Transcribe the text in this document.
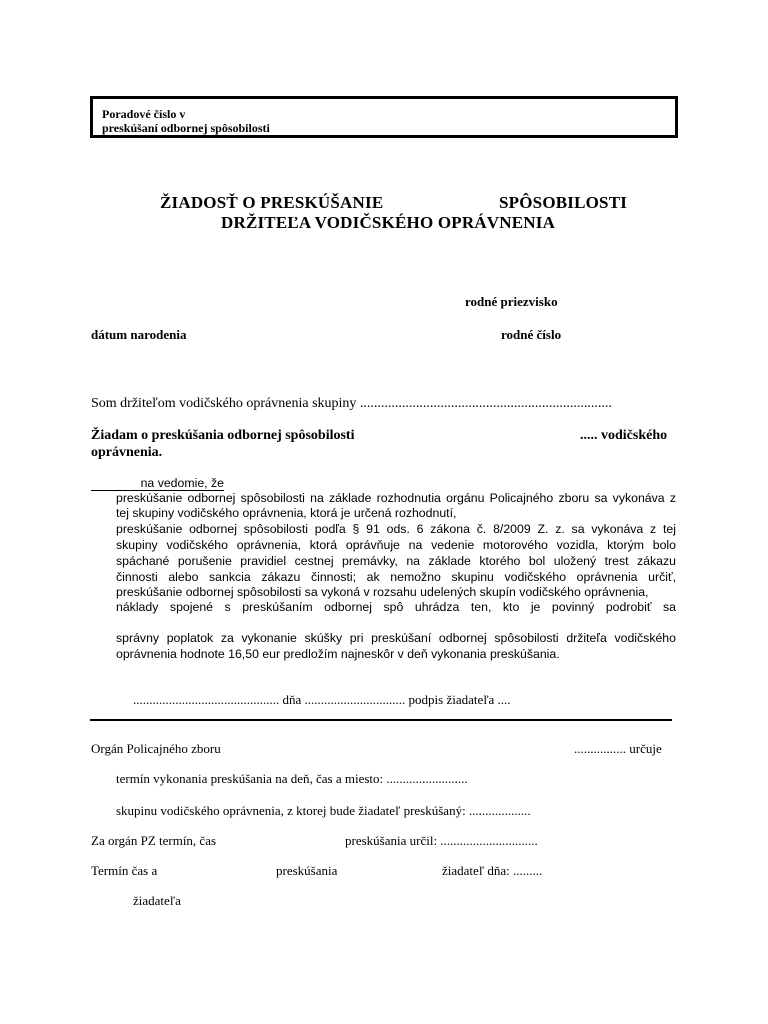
Poradové číslo v
preskúšaní odbornej spôsobilosti
ŽIADOSŤ O PRESKÚŠANIE	SPÔSOBILOSTI
DRŽITEĽA VODIČSKÉHO OPRÁVNENIA
rodné priezvisko
dátum narodenia	rodné číslo
Som držiteľom vodičského oprávnenia skupiny ........................................................................
Žiadam o preskúšania odbornej spôsobilosti	..... vodičského
oprávnenia.
na vedomie, že
preskúšanie odbornej spôsobilosti na základe rozhodnutia orgánu Policajného zboru sa vykonáva z
tej skupiny vodičského oprávnenia, ktorá je určená rozhodnutí,
preskúšanie odbornej spôsobilosti podľa § 91 ods. 6 zákona č. 8/2009 Z. z. sa vykonáva z tej
skupiny vodičského oprávnenia, ktorá oprávňuje na vedenie motorového vozidla, ktorým bolo
spáchané porušenie pravidiel cestnej premávky, na základe ktorého bol uložený trest zákazu
činnosti alebo sankcia zákazu činnosti; ak nemožno skupinu vodičského oprávnenia určiť,
preskúšanie odbornej spôsobilosti sa vykoná v rozsahu udelených skupín vodičského oprávnenia,
náklady spojené s preskúšaním odbornej spô uhrádza ten, kto je povinný podrobiť sa
správny poplatok za vykonanie skúšky pri preskúšaní odbornej spôsobilosti držiteľa vodičského
oprávnenia hodnote 16,50 eur predložím najneskôr v deň vykonania preskúšania.
............................................. dňa ............................... podpis žiadateľa ....
Orgán Policajného zboru	................ určuje
termín vykonania preskúšania na deň, čas a miesto: .........................
skupinu vodičského oprávnenia, z ktorej bude žiadateľ preskúšaný: ...................
Za orgán PZ termín, čas	preskúšania určil: ..............................
Termín čas a	preskúšania	žiadateľ dňa: .........
žiadateľa
